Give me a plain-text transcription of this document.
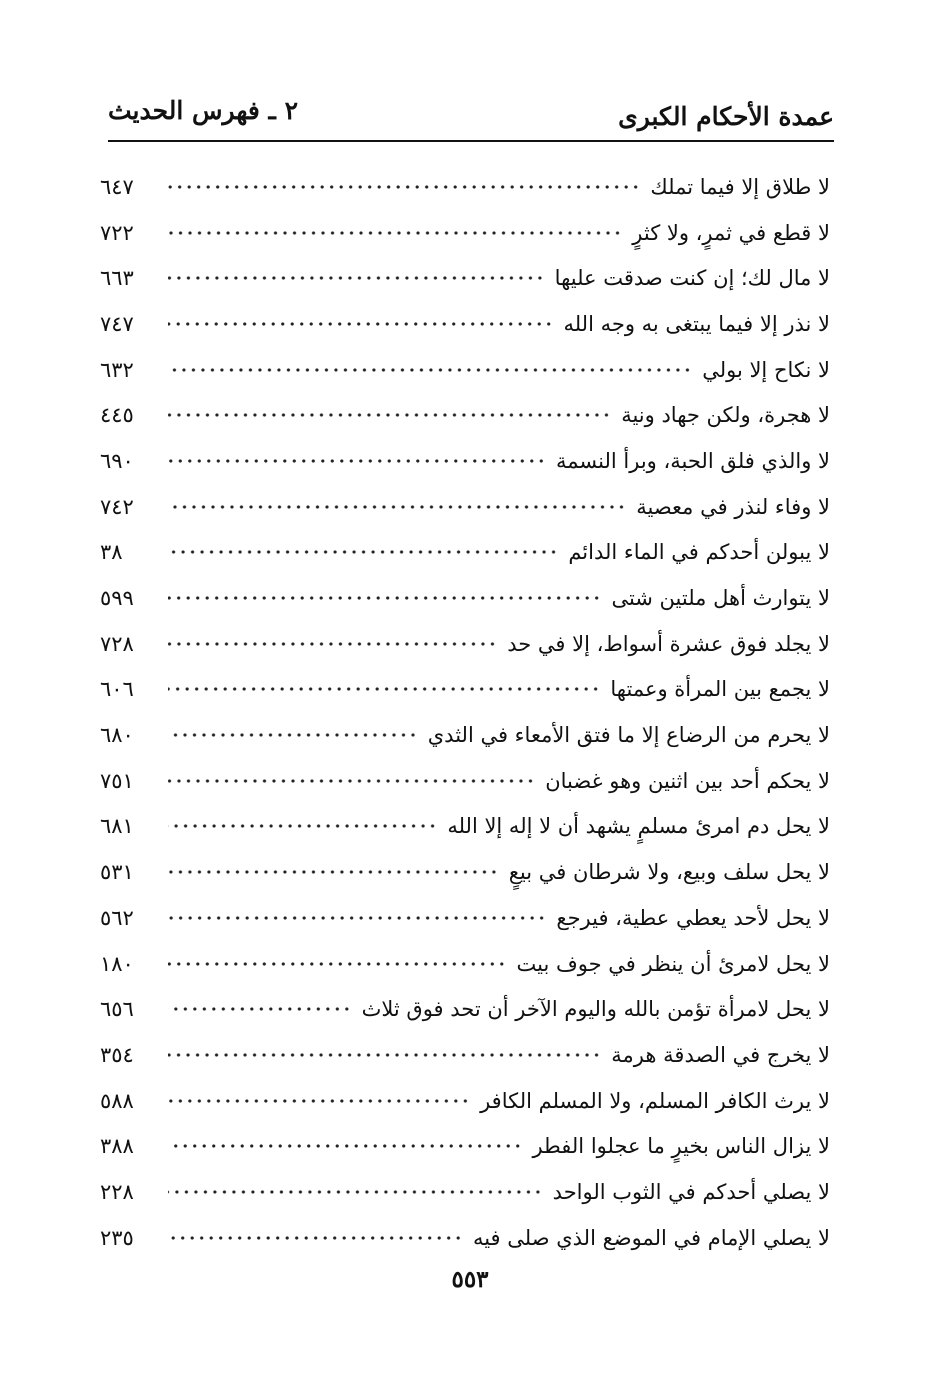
عمدة الأحكام الكبرى
٢ ـ فهرس الحديث
لا طلاق إلا فيما تملك
٦٤٧
لا قطع في ثمرٍ، ولا كثرٍ
٧٢٢
لا مال لك؛ إن كنت صدقت عليها
٦٦٣
لا نذر إلا فيما يبتغى به وجه الله
٧٤٧
لا نكاح إلا بولي
٦٣٢
لا هجرة، ولكن جهاد ونية
٤٤٥
لا والذي فلق الحبة، وبرأ النسمة
٦٩٠
لا وفاء لنذر في معصية
٧٤٢
لا يبولن أحدكم في الماء الدائم
٣٨
لا يتوارث أهل ملتين شتى
٥٩٩
لا يجلد فوق عشرة أسواط، إلا في حد
٧٢٨
لا يجمع بين المرأة وعمتها
٦٠٦
لا يحرم من الرضاع إلا ما فتق الأمعاء في الثدي
٦٨٠
لا يحكم أحد بين اثنين وهو غضبان
٧٥١
لا يحل دم امرئ مسلمٍ يشهد أن لا إله إلا الله
٦٨١
لا يحل سلف وبيع، ولا شرطان في بيعٍ
٥٣١
لا يحل لأحد يعطي عطية، فيرجع
٥٦٢
لا يحل لامرئ أن ينظر في جوف بيت
١٨٠
لا يحل لامرأة تؤمن بالله واليوم الآخر أن تحد فوق ثلاث
٦٥٦
لا يخرج في الصدقة هرمة
٣٥٤
لا يرث الكافر المسلم، ولا المسلم الكافر
٥٨٨
لا يزال الناس بخيرٍ ما عجلوا الفطر
٣٨٨
لا يصلي أحدكم في الثوب الواحد
٢٢٨
لا يصلي الإمام في الموضع الذي صلى فيه
٢٣٥
٥٥٣
